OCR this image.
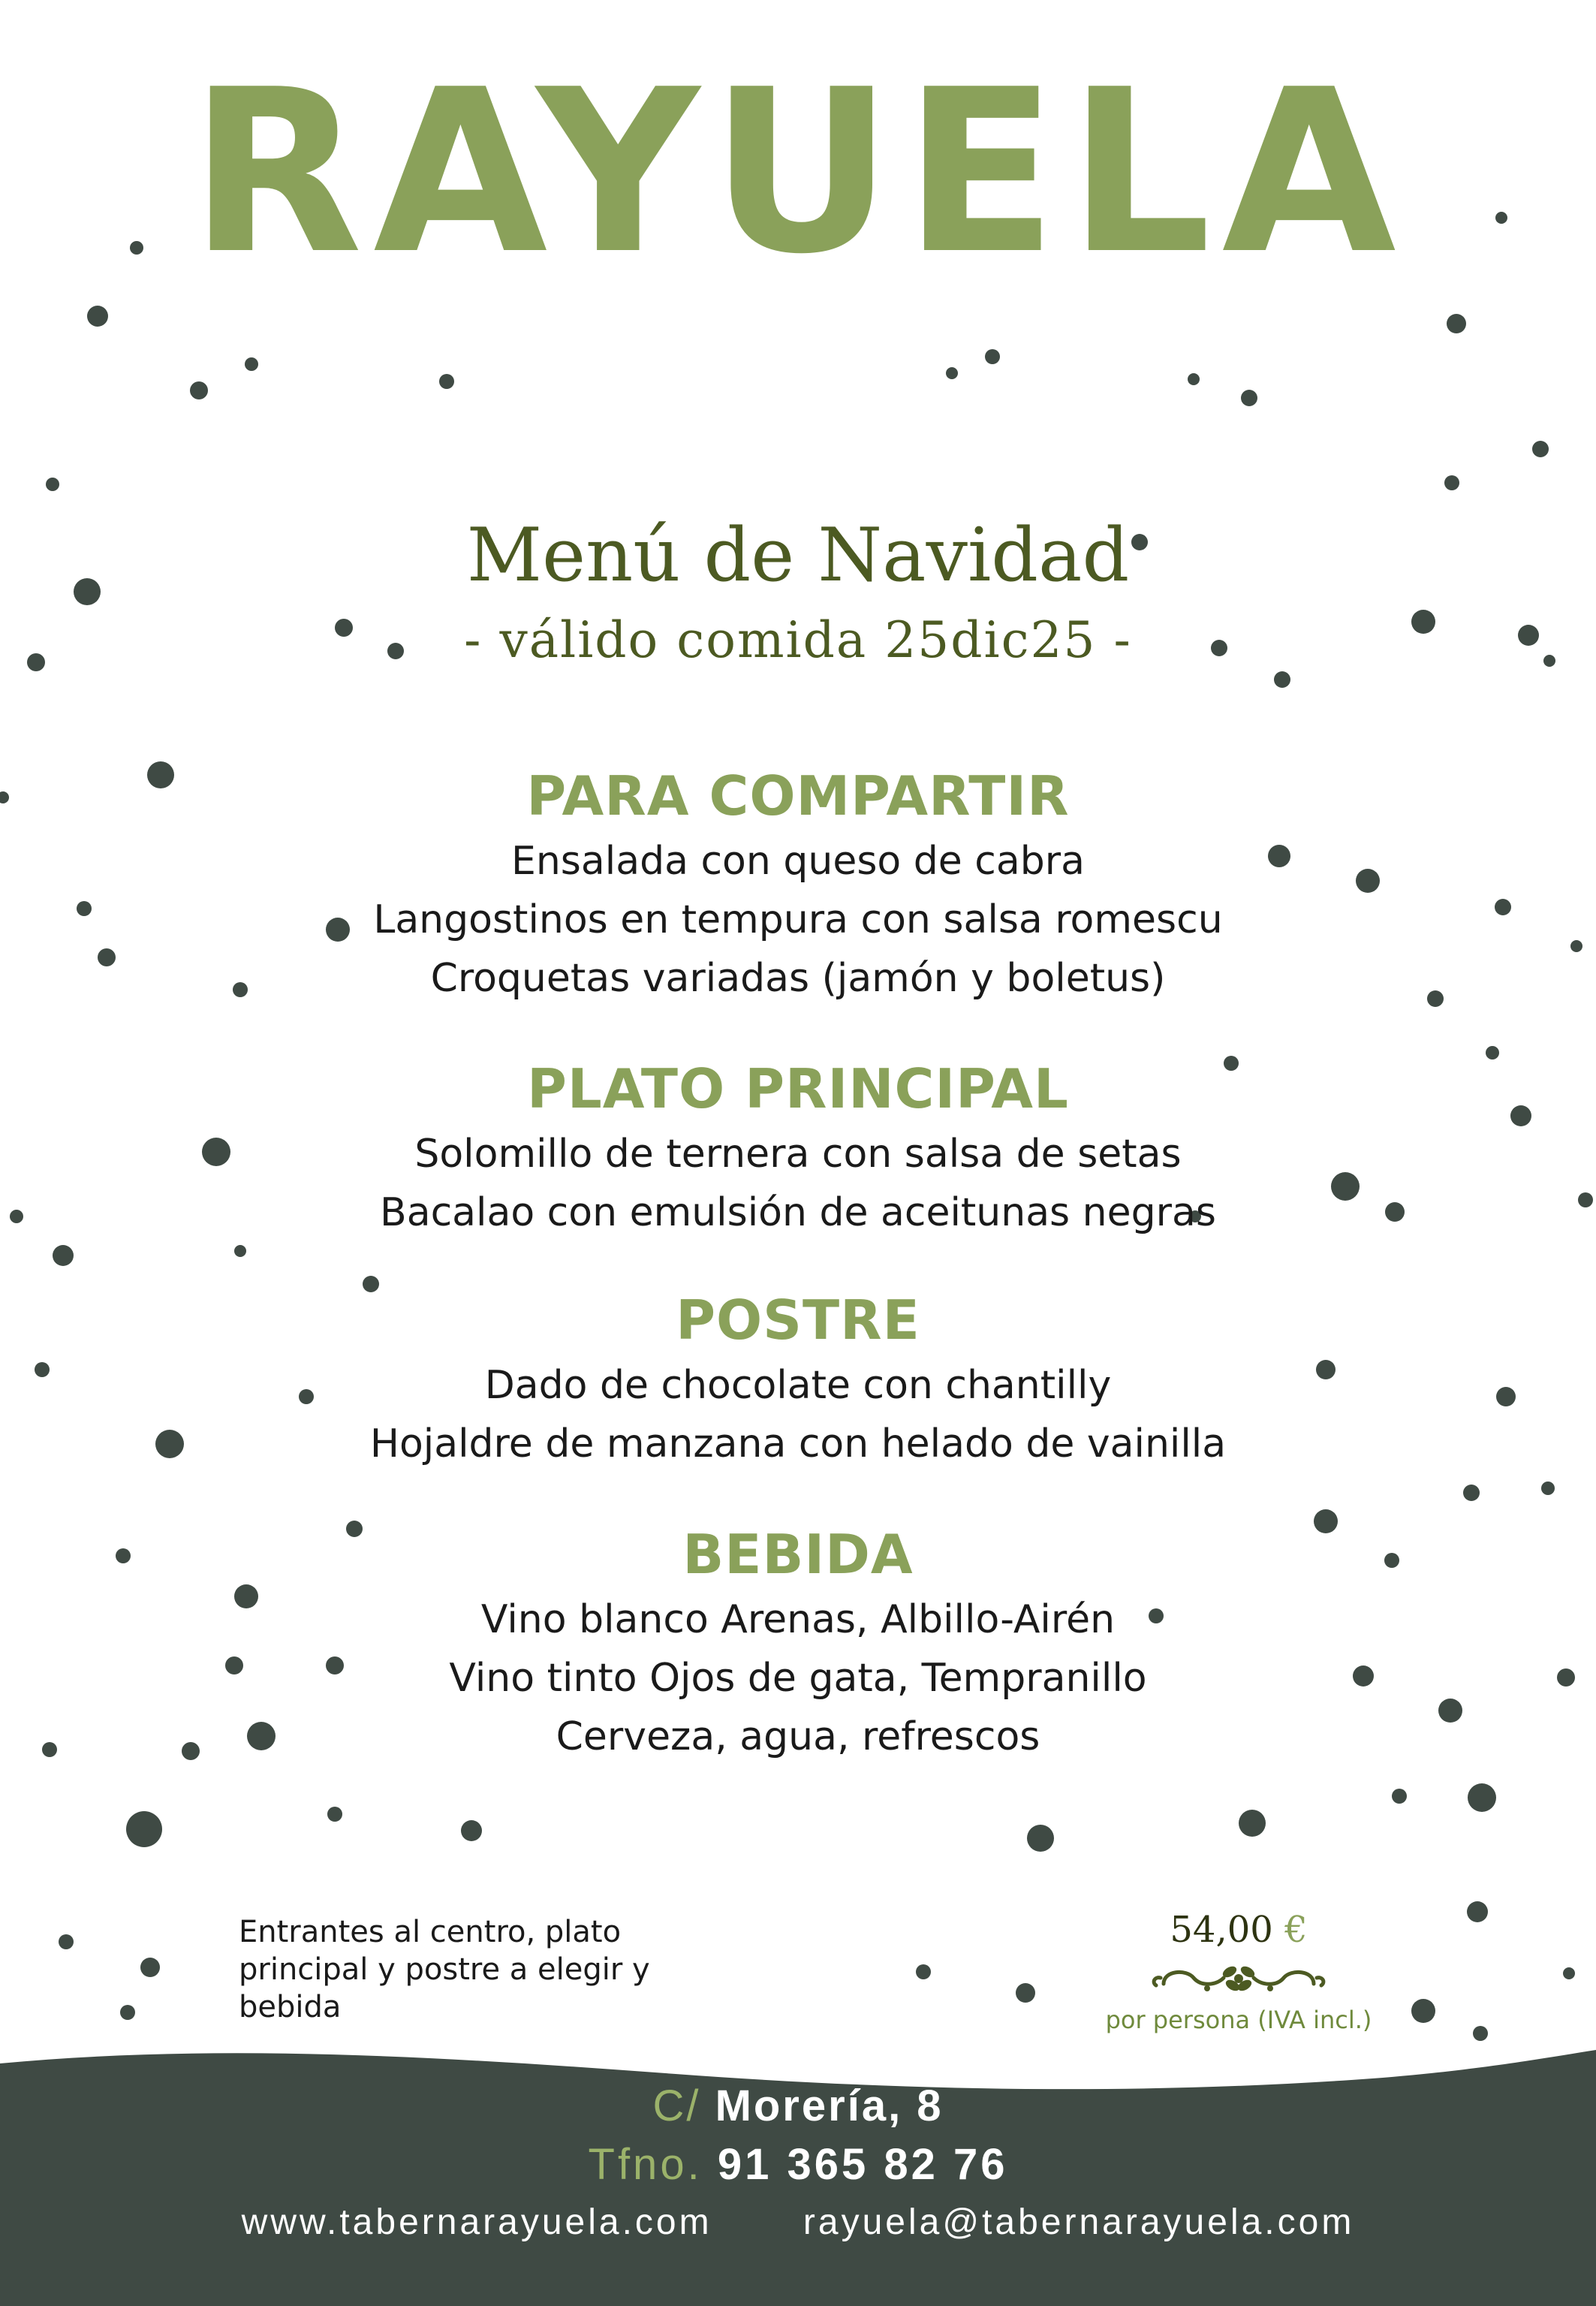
RAYUELA
Menú de Navidad
- válido comida 25dic25 -
PARA COMPARTIR
Ensalada con queso de cabra
Langostinos en tempura con salsa romescu
Croquetas variadas (jamón y boletus)
PLATO PRINCIPAL
Solomillo de ternera con salsa de setas
Bacalao con emulsión de aceitunas negras
POSTRE
Dado de chocolate con chantilly
Hojaldre de manzana con helado de vainilla
BEBIDA
Vino blanco Arenas, Albillo-Airén
Vino tinto Ojos de gata, Tempranillo
Cerveza, agua, refrescos
Entrantes al centro, plato principal y postre a elegir y bebida
54,00 €
por persona (IVA incl.)
C/ Morería, 8
Tfno. 91 365 82 76
www.tabernarayuela.com	rayuela@tabernarayuela.com
